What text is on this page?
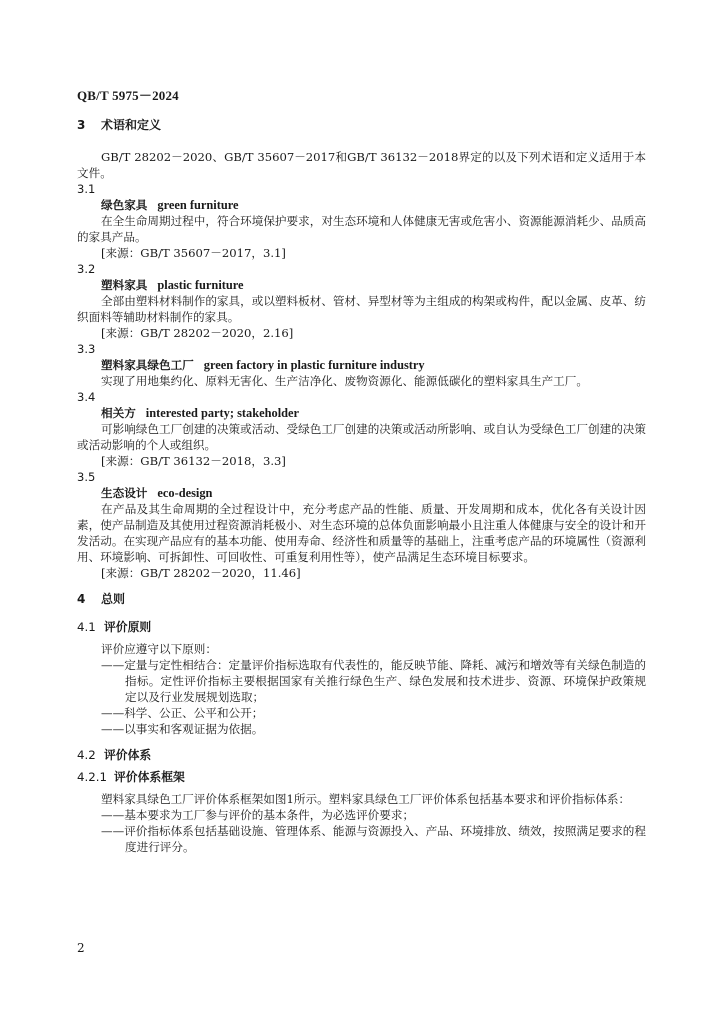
QB/T 5975－2024
3 术语和定义

GB/T 28202－2020、GB/T 35607－2017和GB/T 36132－2018界定的以及下列术语和定义适用于本文件。

3.1

绿色家具 green furniture

在全生命周期过程中，符合环境保护要求，对生态环境和人体健康无害或危害小、资源能源消耗少、品质高的家具产品。

[来源：GB/T 35607－2017，3.1]

3.2

塑料家具 plastic furniture

全部由塑料材料制作的家具，或以塑料板材、管材、异型材等为主组成的构架或构件，配以金属、皮革、纺织面料等辅助材料制作的家具。

[来源：GB/T 28202－2020，2.16]

3.3

塑料家具绿色工厂 green factory in plastic furniture industry

实现了用地集约化、原料无害化、生产洁净化、废物资源化、能源低碳化的塑料家具生产工厂。

3.4

相关方 interested party; stakeholder

可影响绿色工厂创建的决策或活动、受绿色工厂创建的决策或活动所影响、或自认为受绿色工厂创建的决策或活动影响的个人或组织。

[来源：GB/T 36132－2018，3.3]

3.5

生态设计 eco-design

在产品及其生命周期的全过程设计中，充分考虑产品的性能、质量、开发周期和成本，优化各有关设计因素，使产品制造及其使用过程资源消耗极小、对生态环境的总体负面影响最小且注重人体健康与安全的设计和开发活动。在实现产品应有的基本功能、使用寿命、经济性和质量等的基础上，注重考虑产品的环境属性（资源利用、环境影响、可拆卸性、可回收性、可重复利用性等），使产品满足生态环境目标要求。

[来源：GB/T 28202－2020，11.46]

4 总则
4.1 评价原则

评价应遵守以下原则：

——定量与定性相结合：定量评价指标选取有代表性的，能反映节能、降耗、减污和增效等有关绿色制造的指标。定性评价指标主要根据国家有关推行绿色生产、绿色发展和技术进步、资源、环境保护政策规定以及行业发展规划选取；

——科学、公正、公平和公开；

——以事实和客观证据为依据。

4.2 评价体系
4.2.1 评价体系框架

塑料家具绿色工厂评价体系框架如图1所示。塑料家具绿色工厂评价体系包括基本要求和评价指标体系：

——基本要求为工厂参与评价的基本条件，为必选评价要求；

——评价指标体系包括基础设施、管理体系、能源与资源投入、产品、环境排放、绩效，按照满足要求的程度进行评分。

2
